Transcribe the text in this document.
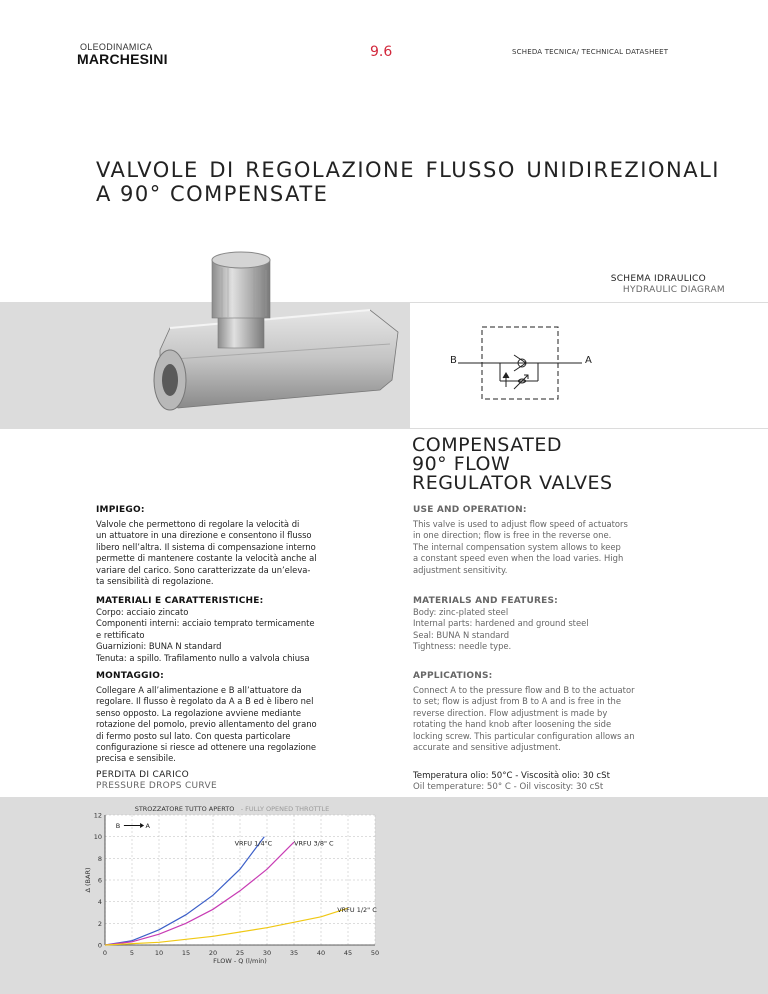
OLEODINAMICA
MARCHESINI	9.6	SCHEDA TECNICA/ TECHNICAL DATASHEET
VALVOLE DI REGOLAZIONE FLUSSO UNIDIREZIONALI
A 90° COMPENSATE
SCHEMA IDRAULICO
HYDRAULIC DIAGRAM
B	A
COMPENSATED
90° FLOW
REGULATOR VALVES
IMPIEGO:
Valvole che permettono di regolare la velocità di
un attuatore in una direzione e consentono il flusso
libero nell’altra. Il sistema di compensazione interno
permette di mantenere costante la velocità anche al
variare del carico. Sono caratterizzate da un’eleva-
ta sensibilità di regolazione.
MATERIALI E CARATTERISTICHE:
Corpo: acciaio zincato
Componenti interni: acciaio temprato termicamente
e rettificato
Guarnizioni: BUNA N standard
Tenuta: a spillo. Trafilamento nullo a valvola chiusa
MONTAGGIO:
Collegare A all’alimentazione e B all’attuatore da
regolare. Il flusso è regolato da A a B ed è libero nel
senso opposto. La regolazione avviene mediante
rotazione del pomolo, previo allentamento del grano
di fermo posto sul lato. Con questa particolare
configurazione si riesce ad ottenere una regolazione
precisa e sensibile.
USE AND OPERATION:
This valve is used to adjust flow speed of actuators
in one direction; flow is free in the reverse one.
The internal compensation system allows to keep
a constant speed even when the load varies. High
adjustment sensitivity.
MATERIALS AND FEATURES:
Body: zinc-plated steel
Internal parts: hardened and ground steel
Seal: BUNA N standard
Tightness: needle type.
APPLICATIONS:
Connect A to the pressure flow and B to the actuator
to set; flow is adjust from B to A and is free in the
reverse direction. Flow adjustment is made by
rotating the hand knob after loosening the side
locking screw. This particular configuration allows an
accurate and sensitive adjustment.
PERDITA DI CARICO
PRESSURE DROPS CURVE
Temperatura olio: 50°C - Viscosità olio: 30 cSt
Oil temperature: 50° C - Oil viscosity: 30 cSt
0	5	10	15	20	25	30	35	40	45	50
0
2
4
6
8
10
12
VRFU 1/4"C	VRFU 3/8" C
VRFU 1/2" C
STROZZATORE TUTTO APERTO - FULLY OPENED THROTTLE
B	A
FLOW - Q (l/min)
Δ (BAR)
